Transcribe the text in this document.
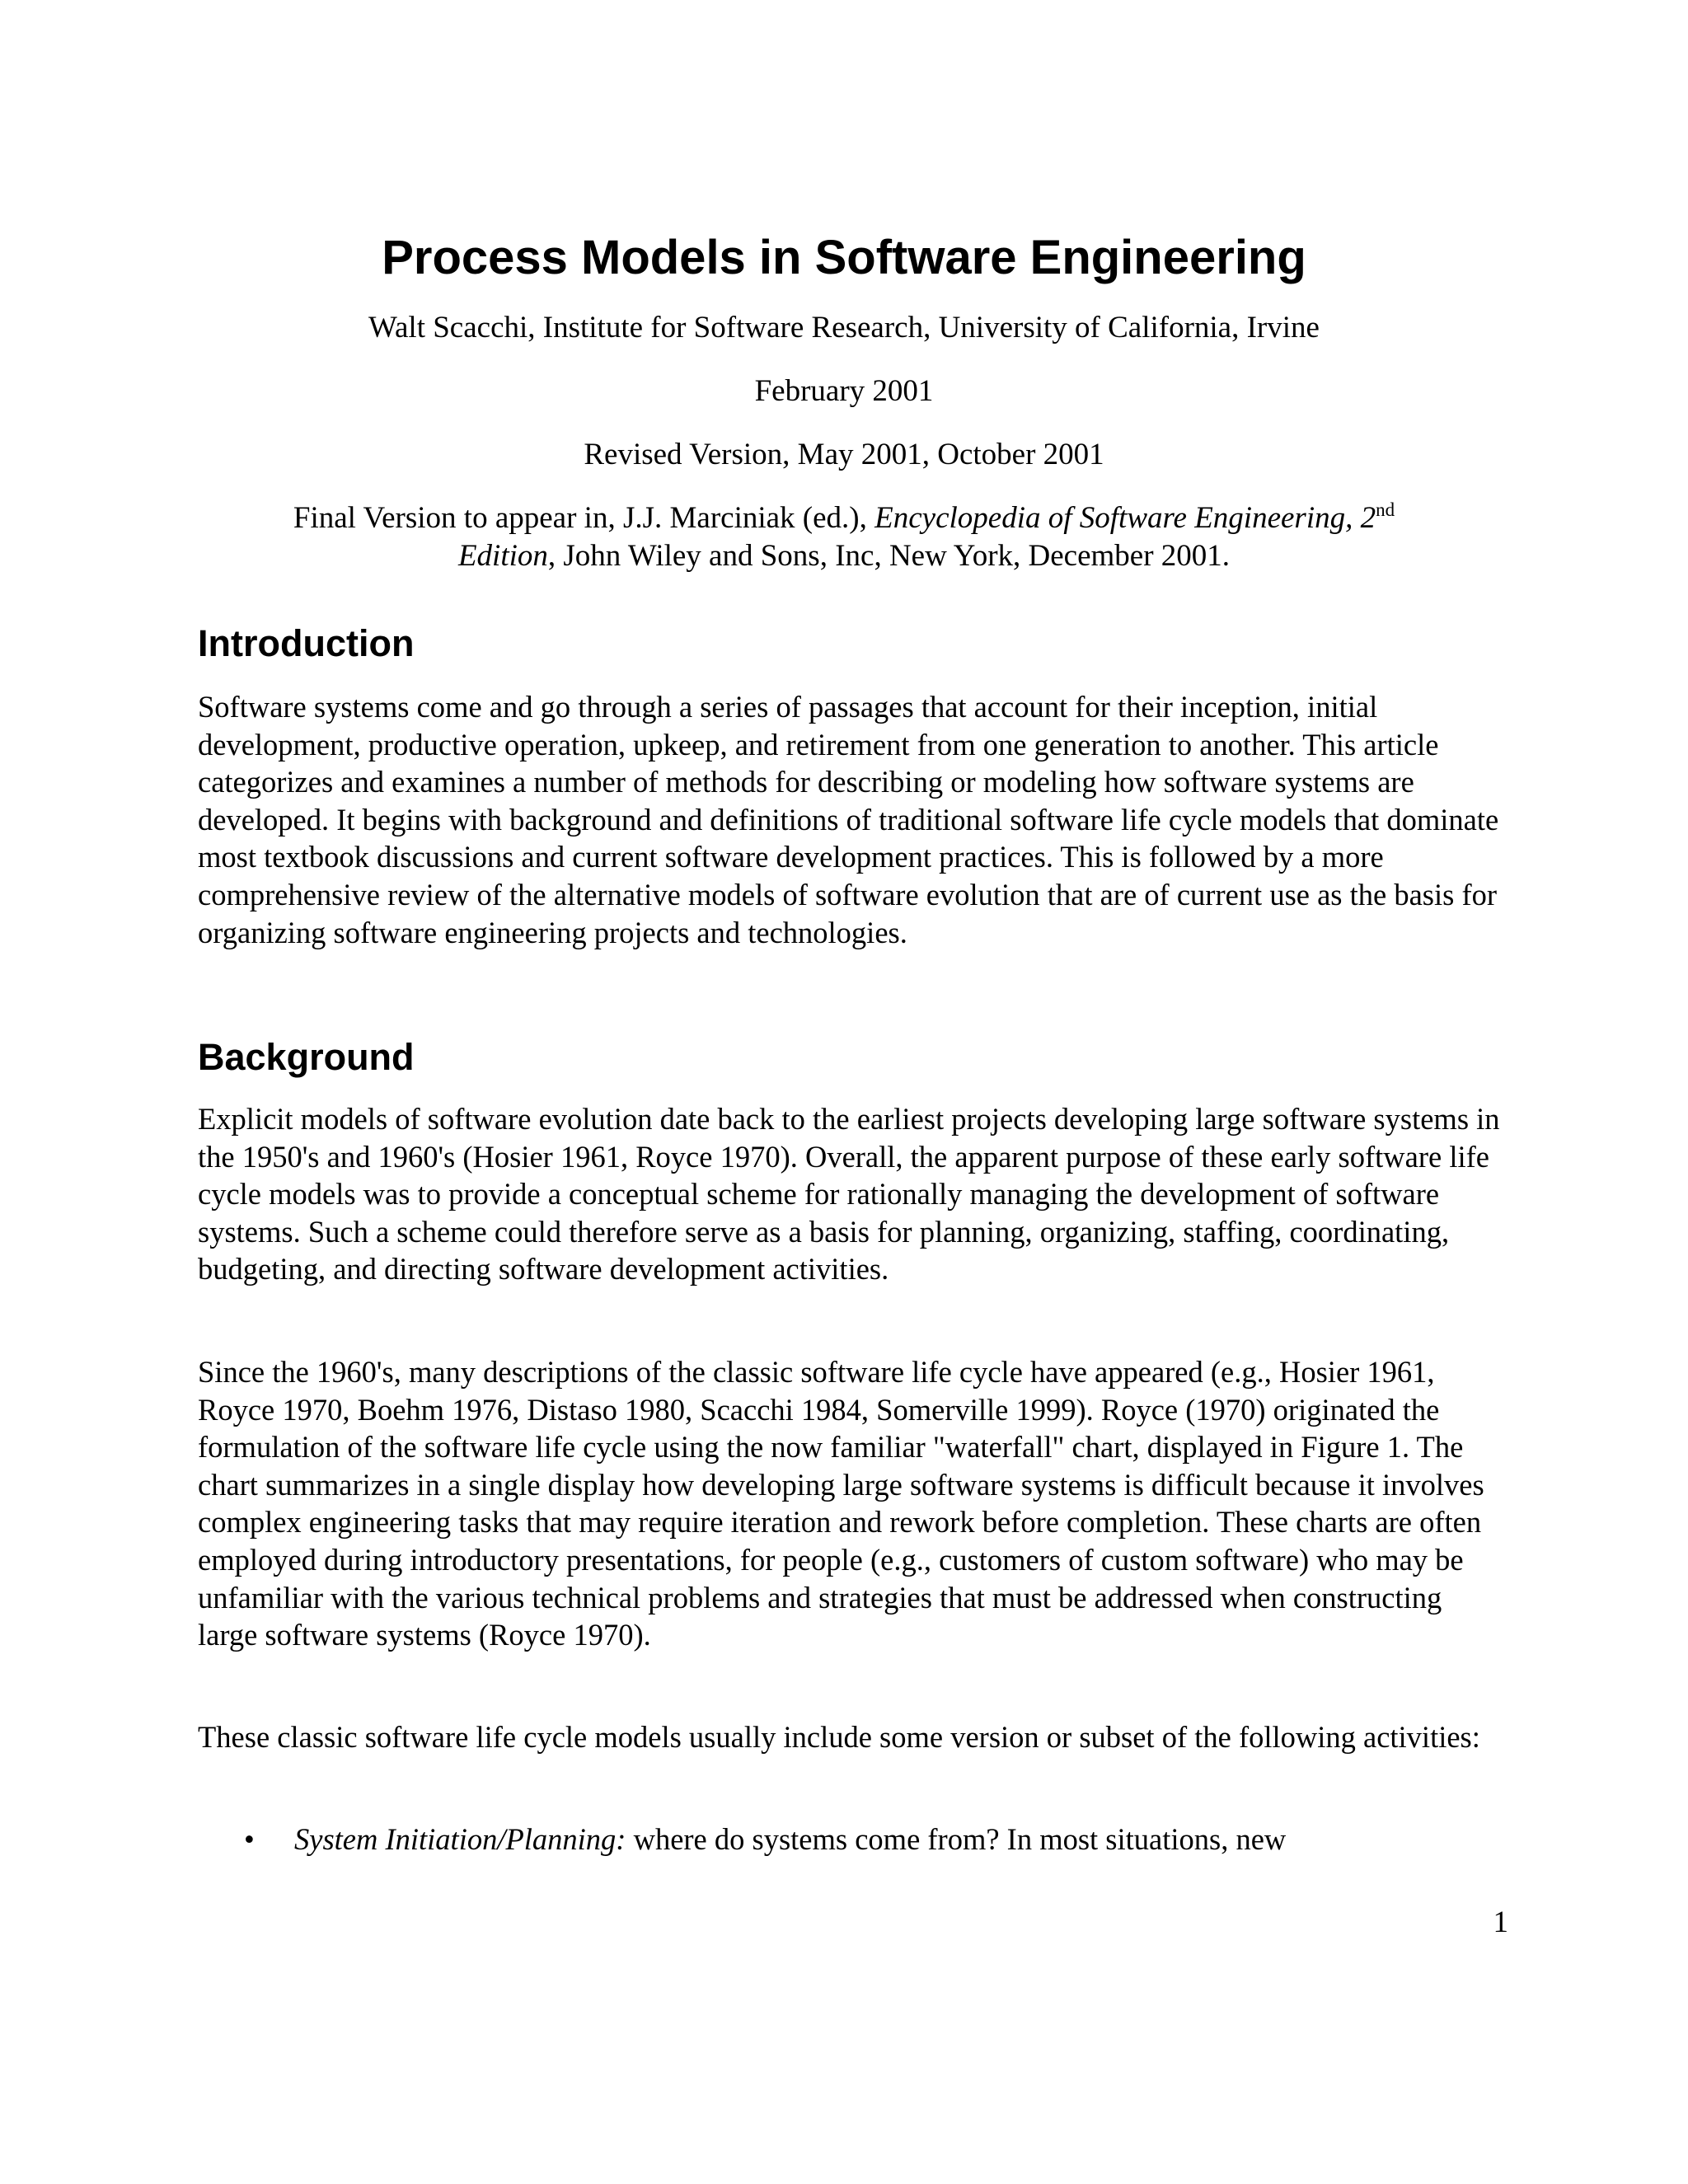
Process Models in Software Engineering

Walt Scacchi, Institute for Software Research, University of California, Irvine

February 2001

Revised Version, May 2001, October 2001

Final Version to appear in, J.J. Marciniak (ed.), Encyclopedia of Software Engineering, 2nd
Edition, John Wiley and Sons, Inc, New York, December 2001.

Introduction

Software systems come and go through a series of passages that account for their inception, initial development, productive operation, upkeep, and retirement from one generation to another. This article categorizes and examines a number of methods for describing or modeling how software systems are developed. It begins with background and definitions of traditional software life cycle models that dominate most textbook discussions and current software development practices. This is followed by a more comprehensive review of the alternative models of software evolution that are of current use as the basis for organizing software engineering projects and technologies.

Background

Explicit models of software evolution date back to the earliest projects developing large software systems in the 1950's and 1960's (Hosier 1961, Royce 1970). Overall, the apparent purpose of these early software life cycle models was to provide a conceptual scheme for rationally managing the development of software systems. Such a scheme could therefore serve as a basis for planning, organizing, staffing, coordinating, budgeting, and directing software development activities.

Since the 1960's, many descriptions of the classic software life cycle have appeared (e.g., Hosier 1961, Royce 1970, Boehm 1976, Distaso 1980, Scacchi 1984, Somerville 1999). Royce (1970) originated the formulation of the software life cycle using the now familiar "waterfall" chart, displayed in Figure 1. The chart summarizes in a single display how developing large software systems is difficult because it involves complex engineering tasks that may require iteration and rework before completion. These charts are often employed during introductory presentations, for people (e.g., customers of custom software) who may be unfamiliar with the various technical problems and strategies that must be addressed when constructing large software systems (Royce 1970).

These classic software life cycle models usually include some version or subset of the following activities:

• System Initiation/Planning: where do systems come from? In most situations, new

1
